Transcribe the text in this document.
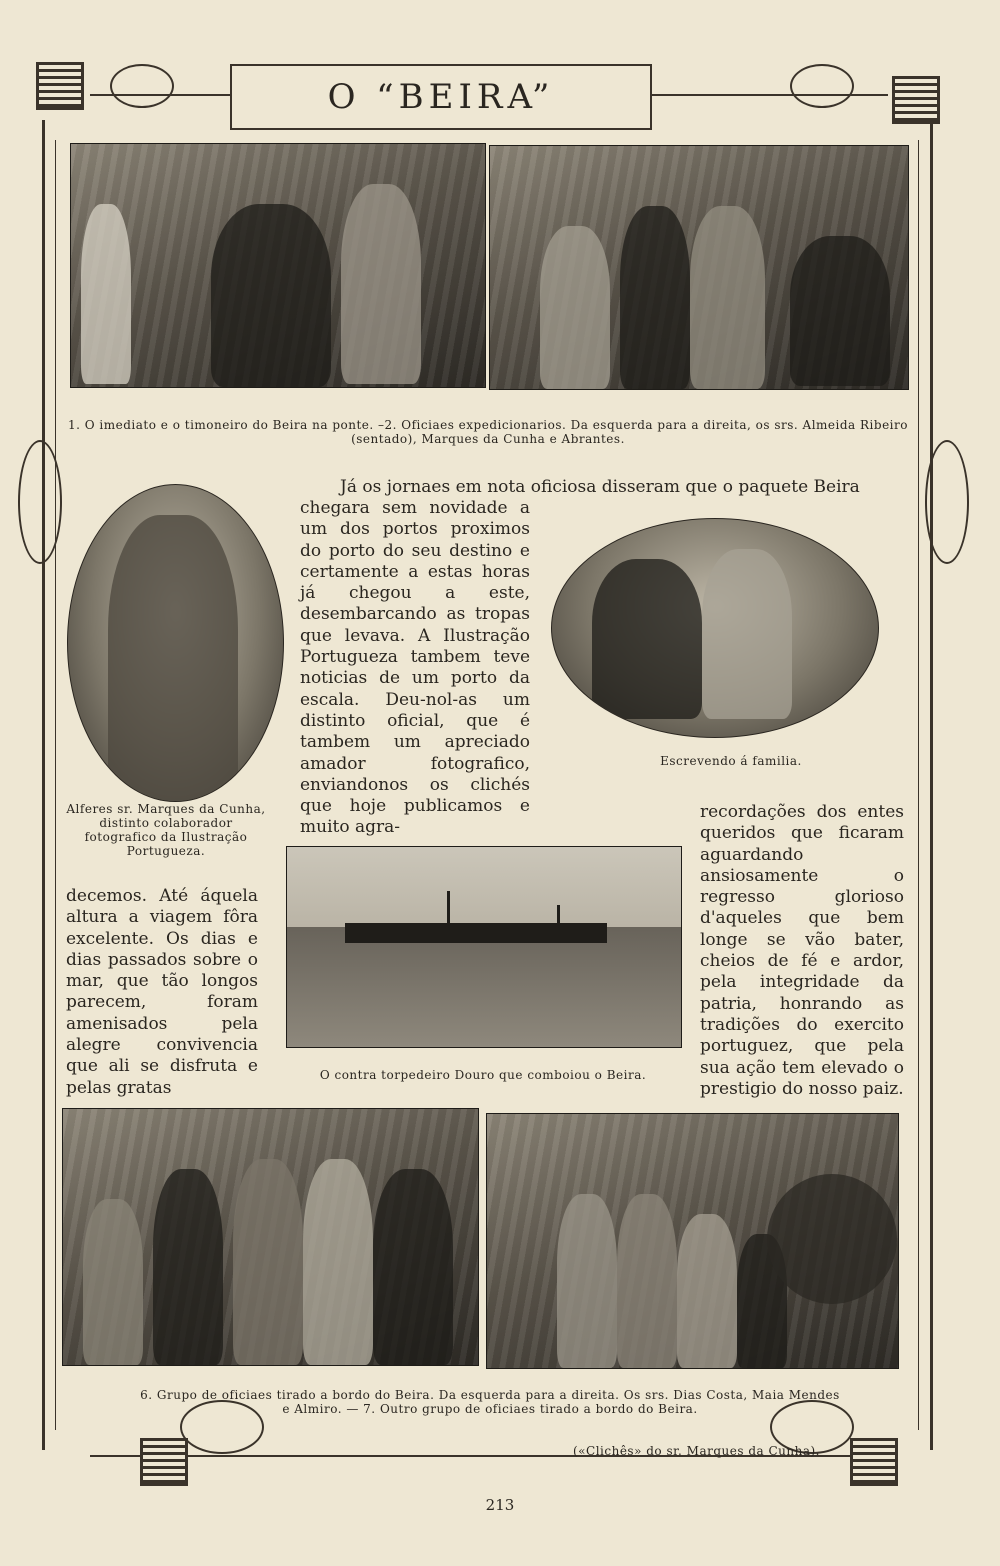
O “BEIRA”
1. O imediato e o timoneiro do Beira na ponte. –2. Oficiaes expedicionarios. Da esquerda para a direita, os srs. Almeida Ribeiro (sentado), Marques da Cunha e Abrantes.
Alferes sr. Marques da Cunha, distinto colaborador fotografico da Ilustração Portugueza.
Escrevendo á familia.
O contra torpedeiro Douro que comboiou o Beira.
Já os jornaes em nota oficiosa disseram que o paquete Beira
chegara sem novidade a um dos portos proximos do porto do seu destino e certamente a estas horas já chegou a este, desembarcando as tropas que levava. A Ilustração Portugueza tambem teve noticias de um porto da escala. Deu-nol-as um distinto oficial, que é tambem um apreciado amador fotografico, enviandonos os clichés que hoje publicamos e muito agra-
decemos. Até áquela altura a viagem fôra excelente. Os dias e dias passados sobre o mar, que tão longos parecem, foram amenisados pela alegre convivencia que ali se disfruta e pelas gratas
recordações dos entes queridos que ficaram aguardando ansiosamente o regresso glorioso d'aqueles que bem longe se vão bater, cheios de fé e ardor, pela integridade da patria, honrando as tradições do exercito portuguez, que pela sua ação tem elevado o prestigio do nosso paiz.
6. Grupo de oficiaes tirado a bordo do Beira. Da esquerda para a direita. Os srs. Dias Costa, Maia Mendes e Almiro. — 7. Outro grupo de oficiaes tirado a bordo do Beira.
(«Clichês» do sr. Marques da Cunha).
213
